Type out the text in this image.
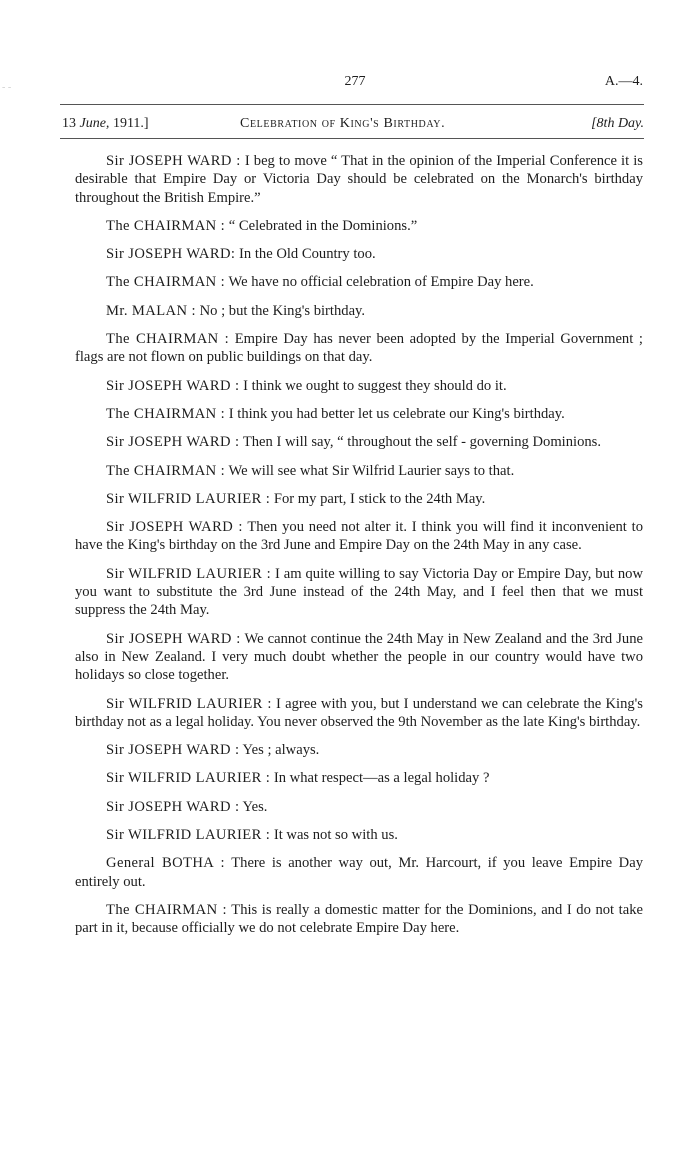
- -	277	A.—4.
13 June, 1911.]	Celebration of King's Birthday.	[8th Day.

Sir JOSEPH WARD : I beg to move “ That in the opinion of the Imperial Conference it is desirable that Empire Day or Victoria Day should be celebrated on the Monarch's birthday throughout the British Empire.”

The CHAIRMAN : “ Celebrated in the Dominions.”

Sir JOSEPH WARD: In the Old Country too.

The CHAIRMAN : We have no official celebration of Empire Day here.

Mr. MALAN : No ; but the King's birthday.

The CHAIRMAN : Empire Day has never been adopted by the Imperial Government ; flags are not flown on public buildings on that day.

Sir JOSEPH WARD : I think we ought to suggest they should do it.

The CHAIRMAN : I think you had better let us celebrate our King's birthday.

Sir JOSEPH WARD : Then I will say, “ throughout the self - governing Dominions.

The CHAIRMAN : We will see what Sir Wilfrid Laurier says to that.

Sir WILFRID LAURIER : For my part, I stick to the 24th May.

Sir JOSEPH WARD : Then you need not alter it. I think you will find it inconvenient to have the King's birthday on the 3rd June and Empire Day on the 24th May in any case.

Sir WILFRID LAURIER : I am quite willing to say Victoria Day or Empire Day, but now you want to substitute the 3rd June instead of the 24th May, and I feel then that we must suppress the 24th May.

Sir JOSEPH WARD : We cannot continue the 24th May in New Zealand and the 3rd June also in New Zealand. I very much doubt whether the people in our country would have two holidays so close together.

Sir WILFRID LAURIER : I agree with you, but I understand we can celebrate the King's birthday not as a legal holiday. You never observed the 9th November as the late King's birthday.

Sir JOSEPH WARD : Yes ; always.

Sir WILFRID LAURIER : In what respect—as a legal holiday ?

Sir JOSEPH WARD : Yes.

Sir WILFRID LAURIER : It was not so with us.

General BOTHA : There is another way out, Mr. Harcourt, if you leave Empire Day entirely out.

The CHAIRMAN : This is really a domestic matter for the Dominions, and I do not take part in it, because officially we do not celebrate Empire Day here.
